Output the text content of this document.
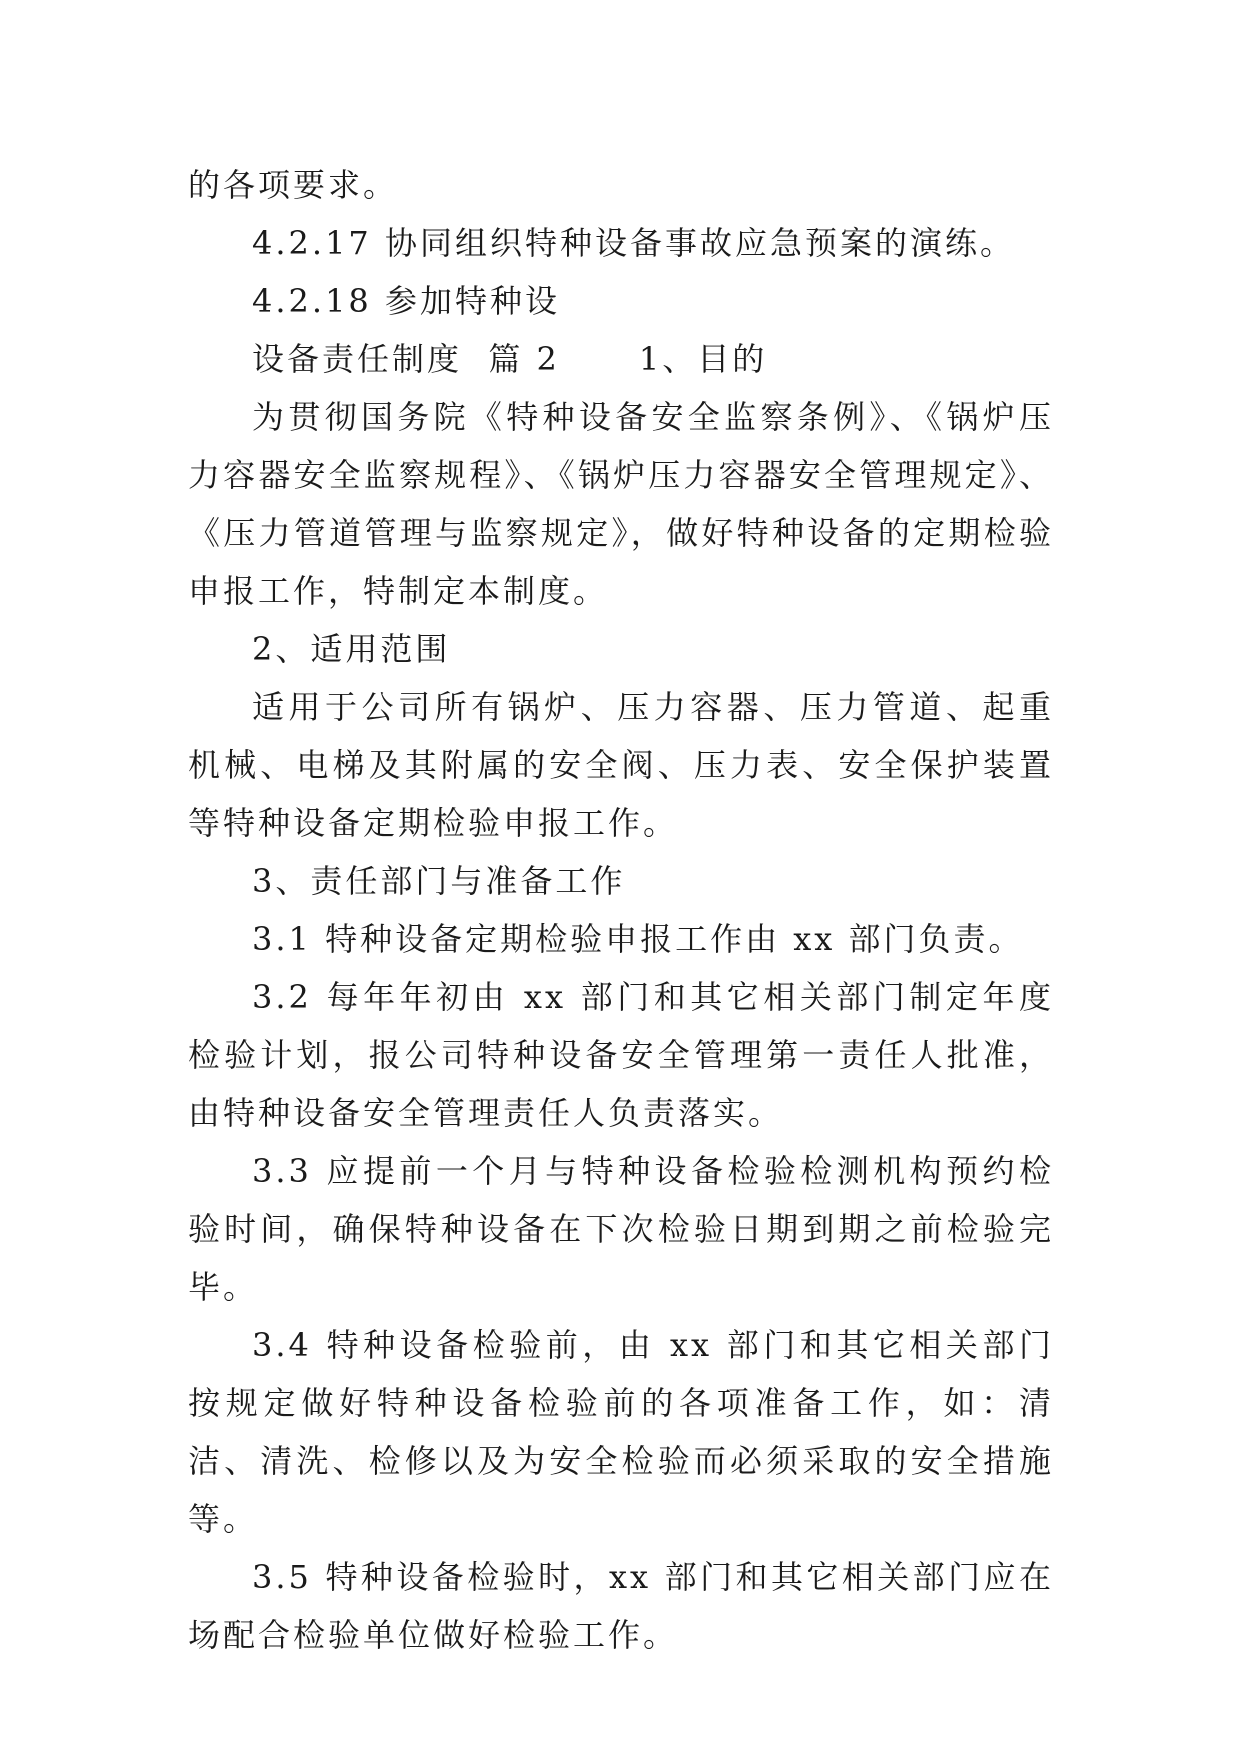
的各项要求。

4.2.17 协同组织特种设备事故应急预案的演练。

4.2.18 参加特种设

设备责任制度  篇 2      1、目的

为贯彻国务院《特种设备安全监察条例》、《锅炉压力容器安全监察规程》、《锅炉压力容器安全管理规定》、《压力管道管理与监察规定》，做好特种设备的定期检验申报工作，特制定本制度。

2、适用范围

适用于公司所有锅炉、压力容器、压力管道、起重机械、电梯及其附属的安全阀、压力表、安全保护装置等特种设备定期检验申报工作。

3、责任部门与准备工作

3.1 特种设备定期检验申报工作由 xx 部门负责。

3.2 每年年初由 xx 部门和其它相关部门制定年度检验计划，报公司特种设备安全管理第一责任人批准，由特种设备安全管理责任人负责落实。

3.3 应提前一个月与特种设备检验检测机构预约检验时间，确保特种设备在下次检验日期到期之前检验完毕。

3.4 特种设备检验前，由 xx 部门和其它相关部门按规定做好特种设备检验前的各项准备工作，如：清洁、清洗、检修以及为安全检验而必须采取的安全措施等。

3.5 特种设备检验时，xx 部门和其它相关部门应在场配合检验单位做好检验工作。
